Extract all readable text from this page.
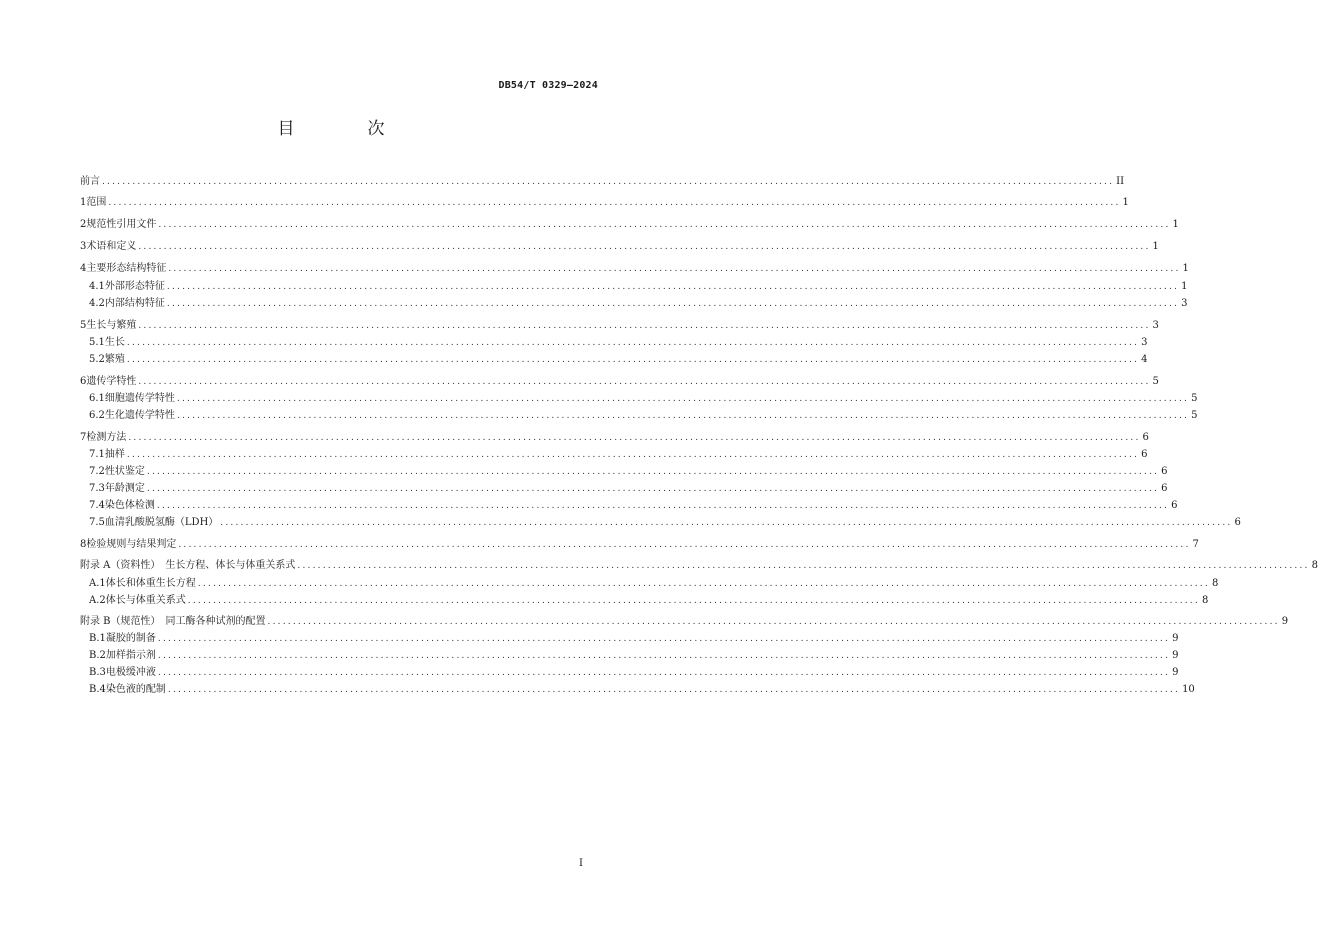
DB54/T 0329—2024
目　次
前言 ........................................................................................................................................................................................................ II
1 范围 ........................................................................................................................................................................................................ 1
2 规范性引用文件 ........................................................................................................................................................................................................ 1
3 术语和定义 ........................................................................................................................................................................................................ 1
4 主要形态结构特征 ........................................................................................................................................................................................................ 1
4.1 外部形态特征 ........................................................................................................................................................................................................ 1
4.2 内部结构特征 ........................................................................................................................................................................................................ 3
5 生长与繁殖 ........................................................................................................................................................................................................ 3
5.1 生长 ........................................................................................................................................................................................................ 3
5.2 繁殖 ........................................................................................................................................................................................................ 4
6 遗传学特性 ........................................................................................................................................................................................................ 5
6.1 细胞遗传学特性 ........................................................................................................................................................................................................ 5
6.2 生化遗传学特性 ........................................................................................................................................................................................................ 5
7 检测方法 ........................................................................................................................................................................................................ 6
7.1 抽样 ........................................................................................................................................................................................................ 6
7.2 性状鉴定 ........................................................................................................................................................................................................ 6
7.3 年龄测定 ........................................................................................................................................................................................................ 6
7.4 染色体检测 ........................................................................................................................................................................................................ 6
7.5 血清乳酸脱氢酶（LDH） ........................................................................................................................................................................................................ 6
8 检验规则与结果判定 ........................................................................................................................................................................................................ 7
附录 A（资料性）　生长方程、体长与体重关系式 ........................................................................................................................................................................................................ 8
A.1 体长和体重生长方程 ........................................................................................................................................................................................................ 8
A.2 体长与体重关系式 ........................................................................................................................................................................................................ 8
附录 B（规范性）　同工酶各种试剂的配置 ........................................................................................................................................................................................................ 9
B.1 凝胶的制备 ........................................................................................................................................................................................................ 9
B.2 加样指示剂 ........................................................................................................................................................................................................ 9
B.3 电极缓冲液 ........................................................................................................................................................................................................ 9
B.4 染色液的配制 ........................................................................................................................................................................................................ 10
I
